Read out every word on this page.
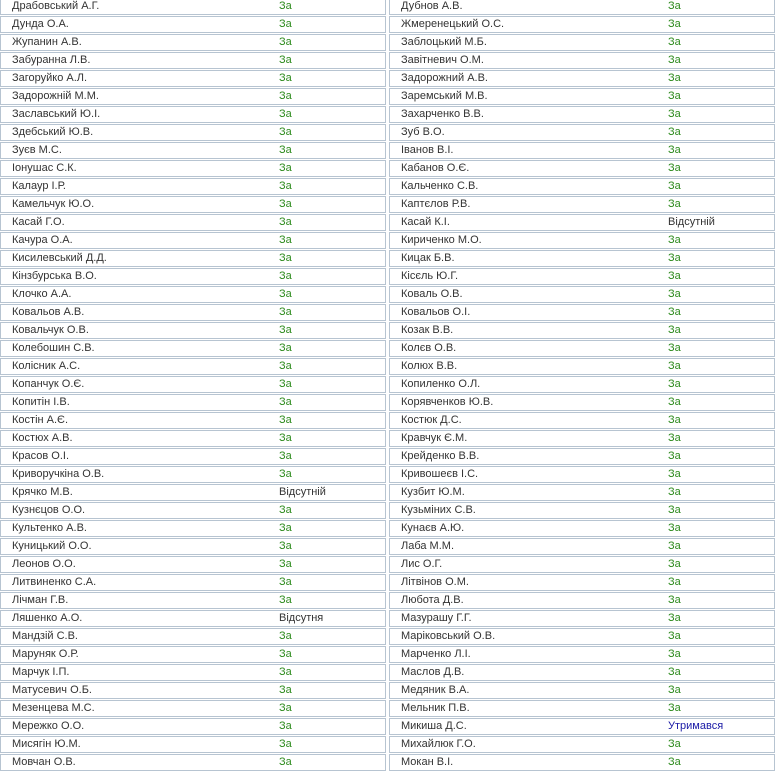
Драбовський А.Г.	За
Дунда О.А.	За
Жупанин А.В.	За
Забуранна Л.В.	За
Загоруйко А.Л.	За
Задорожній М.М.	За
Заславський Ю.І.	За
Здебський Ю.В.	За
Зуєв М.С.	За
Іонушас С.К.	За
Калаур І.Р.	За
Камельчук Ю.О.	За
Касай Г.О.	За
Качура О.А.	За
Кисилевський Д.Д.	За
Кінзбурська В.О.	За
Клочко А.А.	За
Ковальов А.В.	За
Ковальчук О.В.	За
Колебошин С.В.	За
Колісник А.С.	За
Копанчук О.Є.	За
Копитін І.В.	За
Костін А.Є.	За
Костюх А.В.	За
Красов О.І.	За
Криворучкіна О.В.	За
Крячко М.В.	Відсутній
Кузнєцов О.О.	За
Культенко А.В.	За
Куницький О.О.	За
Леонов О.О.	За
Литвиненко С.А.	За
Лічман Г.В.	За
Ляшенко А.О.	Відсутня
Мандзій С.В.	За
Маруняк О.Р.	За
Марчук І.П.	За
Матусевич О.Б.	За
Мезенцева М.С.	За
Мережко О.О.	За
Мисягін Ю.М.	За
Мовчан О.В.	За
Дубнов А.В.	За
Жмеренецький О.С.	За
Заблоцький М.Б.	За
Завітневич О.М.	За
Задорожний А.В.	За
Заремський М.В.	За
Захарченко В.В.	За
Зуб В.О.	За
Іванов В.І.	За
Кабанов О.Є.	За
Кальченко С.В.	За
Каптєлов Р.В.	За
Касай К.І.	Відсутній
Кириченко М.О.	За
Кицак Б.В.	За
Кісєль Ю.Г.	За
Коваль О.В.	За
Ковальов О.І.	За
Козак В.В.	За
Колєв О.В.	За
Колюх В.В.	За
Копиленко О.Л.	За
Корявченков Ю.В.	За
Костюк Д.С.	За
Кравчук Є.М.	За
Крейденко В.В.	За
Кривошеєв І.С.	За
Кузбит Ю.М.	За
Кузьміних С.В.	За
Кунаєв А.Ю.	За
Лаба М.М.	За
Лис О.Г.	За
Літвінов О.М.	За
Любота Д.В.	За
Мазурашу Г.Г.	За
Маріковський О.В.	За
Марченко Л.І.	За
Маслов Д.В.	За
Медяник В.А.	За
Мельник П.В.	За
Микиша Д.С.	Утримався
Михайлюк Г.О.	За
Мокан В.І.	За
